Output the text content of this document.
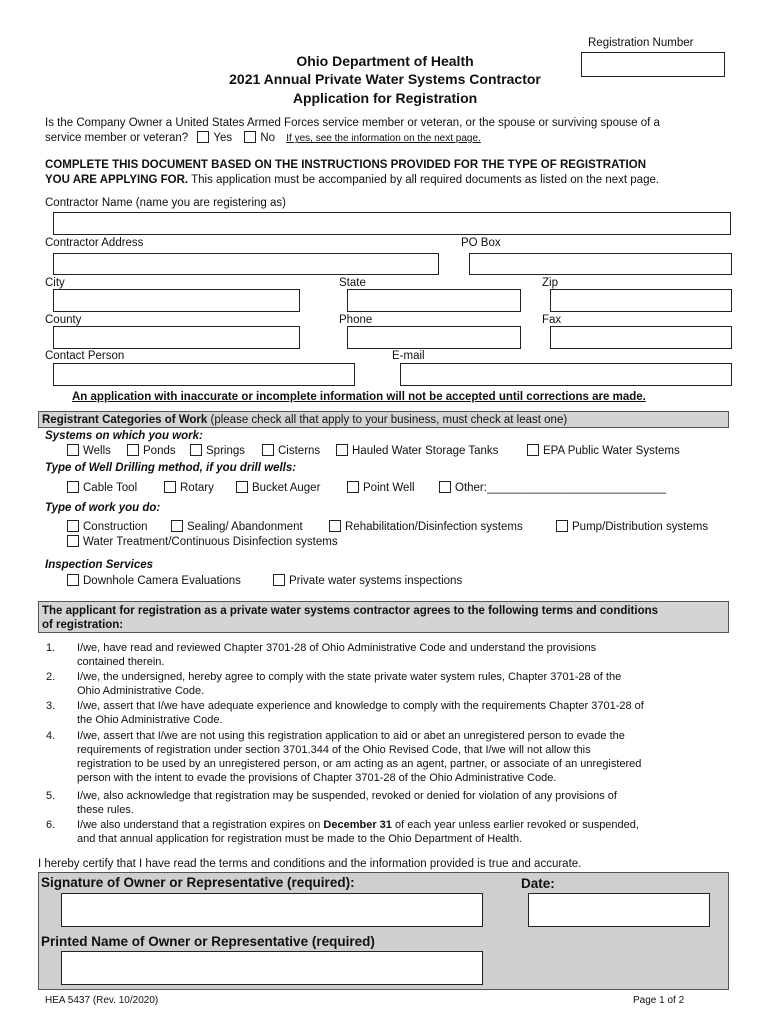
Registration Number
Ohio Department of Health
2021 Annual Private Water Systems Contractor
Application for Registration
Is the Company Owner a United States Armed Forces service member or veteran, or the spouse or surviving spouse of a
service member or veteran? Yes No If yes, see the information on the next page.
COMPLETE THIS DOCUMENT BASED ON THE INSTRUCTIONS PROVIDED FOR THE TYPE OF REGISTRATION
YOU ARE APPLYING FOR. This application must be accompanied by all required documents as listed on the next page.
Contractor Name (name you are registering as)
Contractor Address	PO Box
City	State	Zip
County	Phone	Fax
Contact Person	E-mail
An application with inaccurate or incomplete information will not be accepted until corrections are made.
Registrant Categories of Work (please check all that apply to your business, must check at least one)
Systems on which you work:
Wells	Ponds	Springs	Cisterns	Hauled Water Storage Tanks	EPA Public Water Systems
Type of Well Drilling method, if you drill wells:
Cable Tool	Rotary	Bucket Auger	Point Well	Other:____________________________
Type of work you do:
Construction	Sealing/ Abandonment	Rehabilitation/Disinfection systems	Pump/Distribution systems
Water Treatment/Continuous Disinfection systems
Inspection Services
Downhole Camera Evaluations	Private water systems inspections
The applicant for registration as a private water systems contractor agrees to the following terms and conditions
of registration:
1. I/we, have read and reviewed Chapter 3701-28 of Ohio Administrative Code and understand the provisions
contained therein.
2. I/we, the undersigned, hereby agree to comply with the state private water system rules, Chapter 3701-28 of the
Ohio Administrative Code.
3. I/we, assert that I/we have adequate experience and knowledge to comply with the requirements Chapter 3701-28 of
the Ohio Administrative Code.
4. I/we, assert that I/we are not using this registration application to aid or abet an unregistered person to evade the
requirements of registration under section 3701.344 of the Ohio Revised Code, that I/we will not allow this
registration to be used by an unregistered person, or am acting as an agent, partner, or associate of an unregistered
person with the intent to evade the provisions of Chapter 3701-28 of the Ohio Administrative Code.
5. I/we, also acknowledge that registration may be suspended, revoked or denied for violation of any provisions of
these rules.
6. I/we also understand that a registration expires on December 31 of each year unless earlier revoked or suspended,
and that annual application for registration must be made to the Ohio Department of Health.
I hereby certify that I have read the terms and conditions and the information provided is true and accurate.
Signature of Owner or Representative (required):	Date:
Printed Name of Owner or Representative (required)
HEA 5437 (Rev. 10/2020)	Page 1 of 2
